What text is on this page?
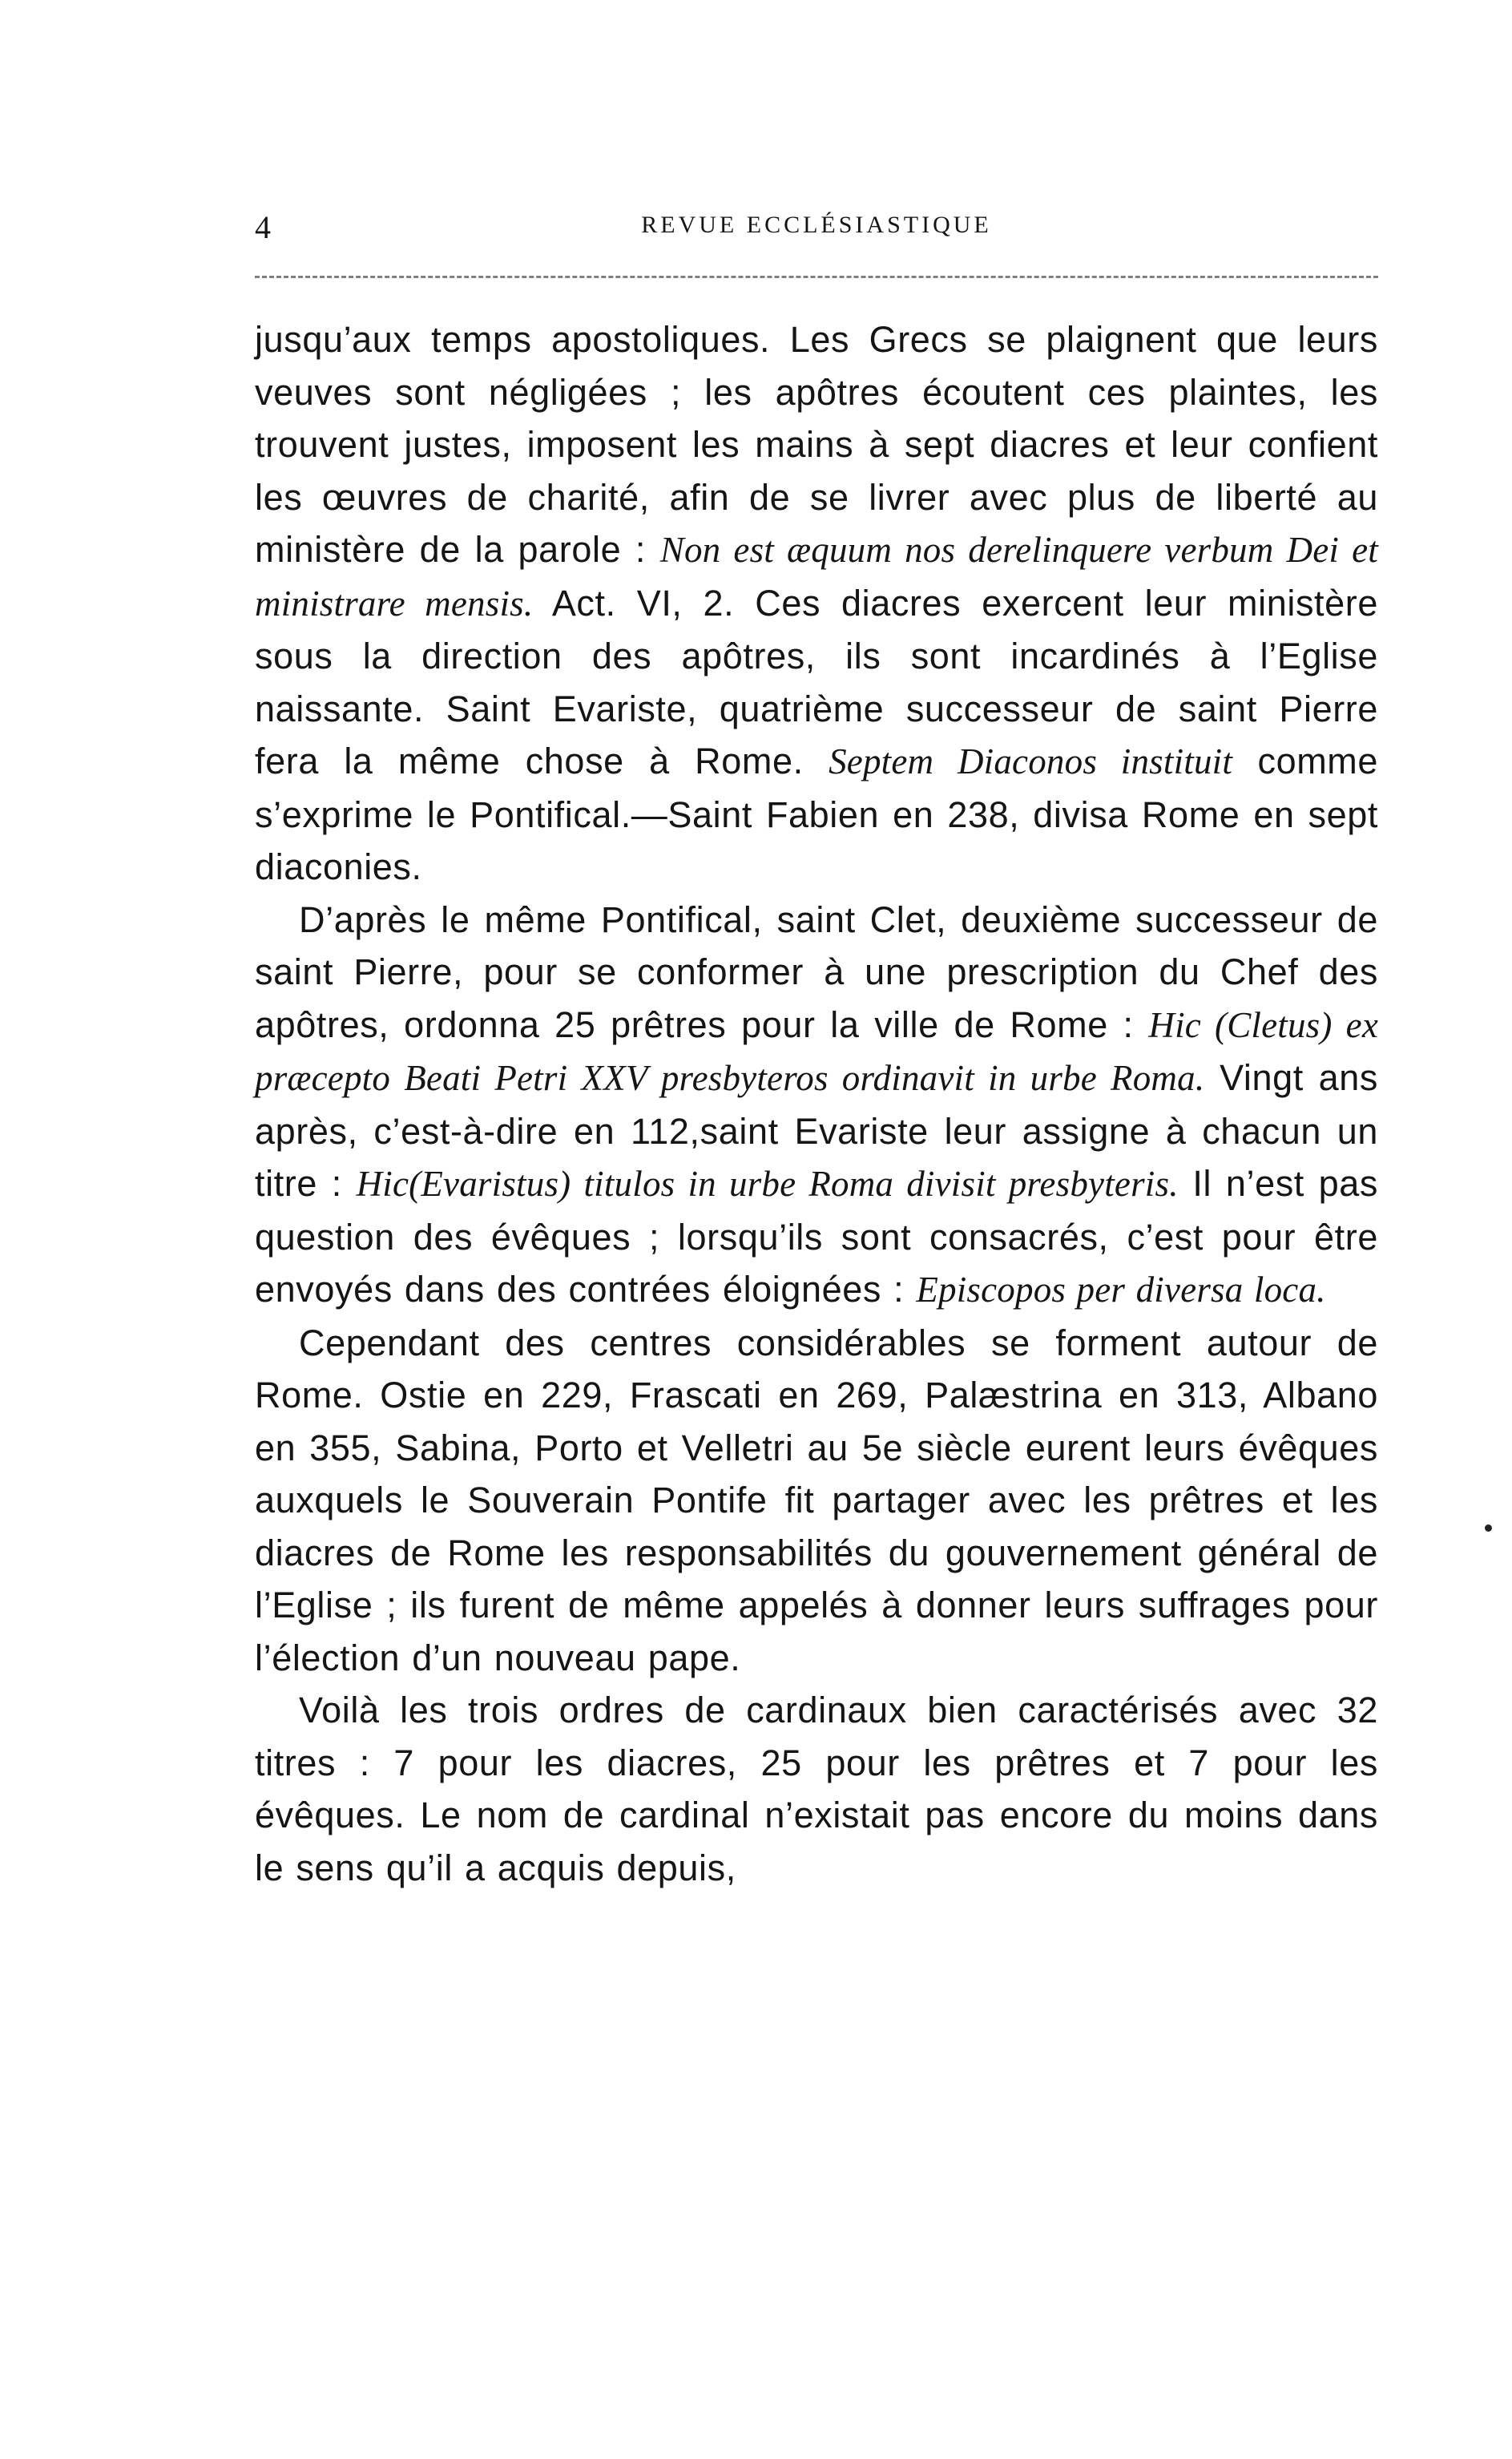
4	REVUE ECCLÉSIASTIQUE

jusqu’aux temps apostoliques. Les Grecs se plaignent que leurs veuves sont négligées ; les apôtres écoutent ces plaintes, les trouvent justes, imposent les mains à sept diacres et leur confient les œuvres de charité, afin de se livrer avec plus de liberté au ministère de la parole : Non est æquum nos derelinquere verbum Dei et ministrare mensis. Act. VI, 2. Ces diacres exercent leur ministère sous la direction des apôtres, ils sont incardinés à l’Eglise naissante. Saint Evariste, quatrième successeur de saint Pierre fera la même chose à Rome. Septem Diaconos instituit comme s’exprime le Pontifical.—Saint Fabien en 238, divisa Rome en sept diaconies.

D’après le même Pontifical, saint Clet, deuxième successeur de saint Pierre, pour se conformer à une prescription du Chef des apôtres, ordonna 25 prêtres pour la ville de Rome : Hic (Cletus) ex præcepto Beati Petri XXV presbyteros ordinavit in urbe Roma. Vingt ans après, c’est-à-dire en 112,saint Evariste leur assigne à chacun un titre : Hic(Evaristus) titulos in urbe Roma divisit presbyteris. Il n’est pas question des évêques ; lorsqu’ils sont consacrés, c’est pour être envoyés dans des contrées éloignées : Episcopos per diversa loca.

Cependant des centres considérables se forment autour de Rome. Ostie en 229, Frascati en 269, Palæstrina en 313, Albano en 355, Sabina, Porto et Velletri au 5e siècle eurent leurs évêques auxquels le Souverain Pontife fit partager avec les prêtres et les diacres de Rome les responsabilités du gouvernement général de l’Eglise ; ils furent de même appelés à donner leurs suffrages pour l’élection d’un nouveau pape.

Voilà les trois ordres de cardinaux bien caractérisés avec 32 titres : 7 pour les diacres, 25 pour les prêtres et 7 pour les évêques. Le nom de cardinal n’existait pas encore du moins dans le sens qu’il a acquis depuis,
